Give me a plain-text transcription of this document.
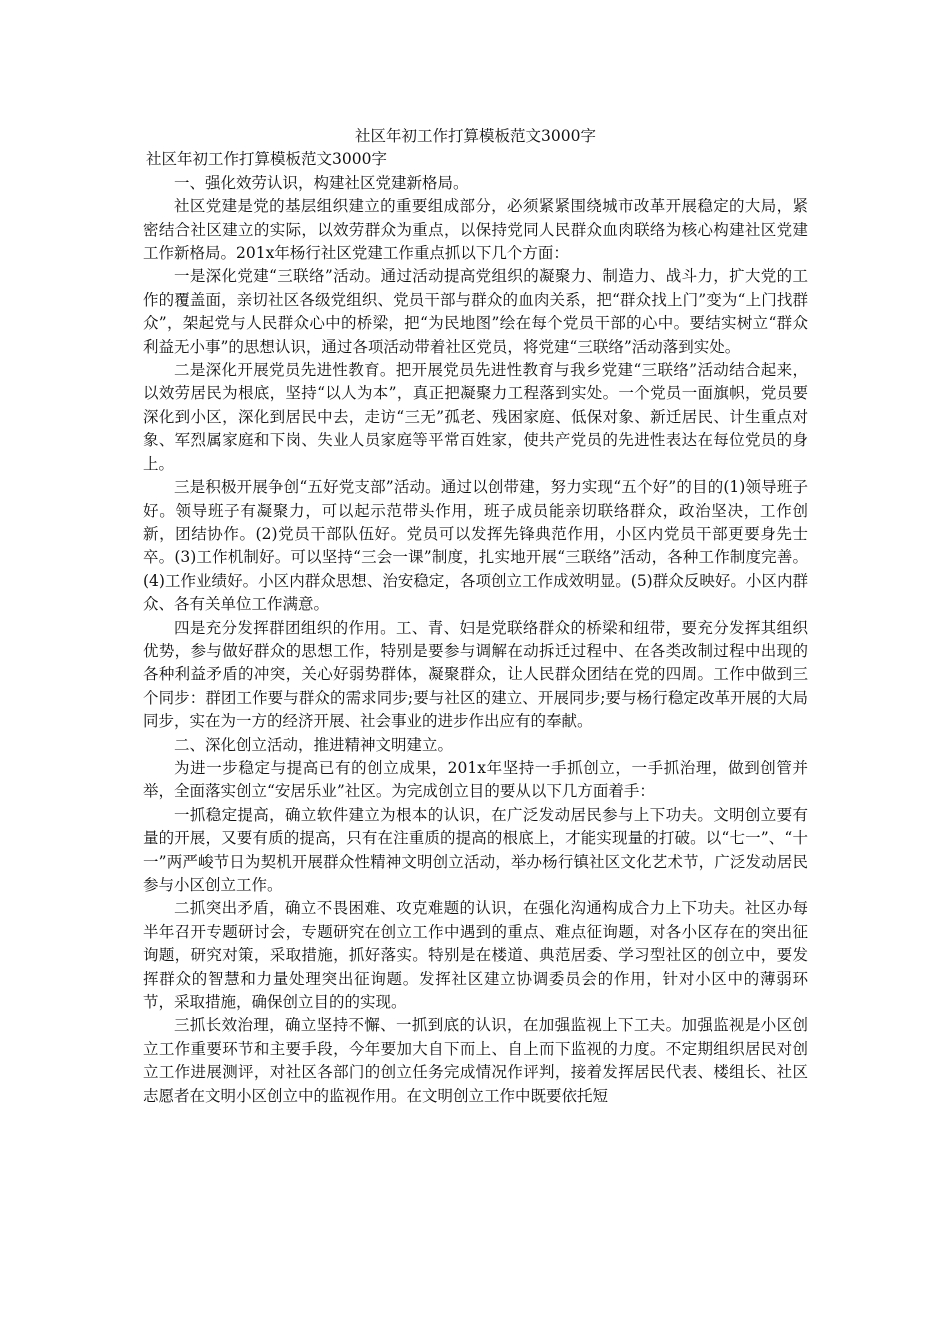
社区年初工作打算模板范文3000字

社区年初工作打算模板范文3000字

一、强化效劳认识，构建社区党建新格局。

社区党建是党的基层组织建立的重要组成部分，必须紧紧围绕城市改革开展稳定的大局，紧密结合社区建立的实际，以效劳群众为重点，以保持党同人民群众血肉联络为核心构建社区党建工作新格局。201x年杨行社区党建工作重点抓以下几个方面：

一是深化党建“三联络”活动。通过活动提高党组织的凝聚力、制造力、战斗力，扩大党的工作的覆盖面，亲切社区各级党组织、党员干部与群众的血肉关系，把“群众找上门”变为“上门找群众”，架起党与人民群众心中的桥梁，把“为民地图”绘在每个党员干部的心中。要结实树立“群众利益无小事”的思想认识，通过各项活动带着社区党员，将党建“三联络”活动落到实处。

二是深化开展党员先进性教育。把开展党员先进性教育与我乡党建“三联络”活动结合起来，以效劳居民为根底，坚持“以人为本”，真正把凝聚力工程落到实处。一个党员一面旗帜，党员要深化到小区，深化到居民中去，走访“三无”孤老、残困家庭、低保对象、新迁居民、计生重点对象、军烈属家庭和下岗、失业人员家庭等平常百姓家，使共产党员的先进性表达在每位党员的身上。

三是积极开展争创“五好党支部”活动。通过以创带建，努力实现“五个好”的目的(1)领导班子好。领导班子有凝聚力，可以起示范带头作用，班子成员能亲切联络群众，政治坚决，工作创新，团结协作。(2)党员干部队伍好。党员可以发挥先锋典范作用，小区内党员干部更要身先士卒。(3)工作机制好。可以坚持“三会一课”制度，扎实地开展“三联络”活动，各种工作制度完善。(4)工作业绩好。小区内群众思想、治安稳定，各项创立工作成效明显。(5)群众反映好。小区内群众、各有关单位工作满意。

四是充分发挥群团组织的作用。工、青、妇是党联络群众的桥梁和纽带，要充分发挥其组织优势，参与做好群众的思想工作，特别是要参与调解在动拆迁过程中、在各类改制过程中出现的各种利益矛盾的冲突，关心好弱势群体，凝聚群众，让人民群众团结在党的四周。工作中做到三个同步：群团工作要与群众的需求同步;要与社区的建立、开展同步;要与杨行稳定改革开展的大局同步，实在为一方的经济开展、社会事业的进步作出应有的奉献。

二、深化创立活动，推进精神文明建立。

为进一步稳定与提高已有的创立成果，201x年坚持一手抓创立，一手抓治理，做到创管并举，全面落实创立“安居乐业”社区。为完成创立目的要从以下几方面着手：

一抓稳定提高，确立软件建立为根本的认识，在广泛发动居民参与上下功夫。文明创立要有量的开展，又要有质的提高，只有在注重质的提高的根底上，才能实现量的打破。以“七一”、“十一”两严峻节日为契机开展群众性精神文明创立活动，举办杨行镇社区文化艺术节，广泛发动居民参与小区创立工作。

二抓突出矛盾，确立不畏困难、攻克难题的认识，在强化沟通构成合力上下功夫。社区办每半年召开专题研讨会，专题研究在创立工作中遇到的重点、难点征询题，对各小区存在的突出征询题，研究对策，采取措施，抓好落实。特别是在楼道、典范居委、学习型社区的创立中，要发挥群众的智慧和力量处理突出征询题。发挥社区建立协调委员会的作用，针对小区中的薄弱环节，采取措施，确保创立目的的实现。

三抓长效治理，确立坚持不懈、一抓到底的认识，在加强监视上下工夫。加强监视是小区创立工作重要环节和主要手段，今年要加大自下而上、自上而下监视的力度。不定期组织居民对创立工作进展测评，对社区各部门的创立任务完成情况作评判，接着发挥居民代表、楼组长、社区志愿者在文明小区创立中的监视作用。在文明创立工作中既要依托短
